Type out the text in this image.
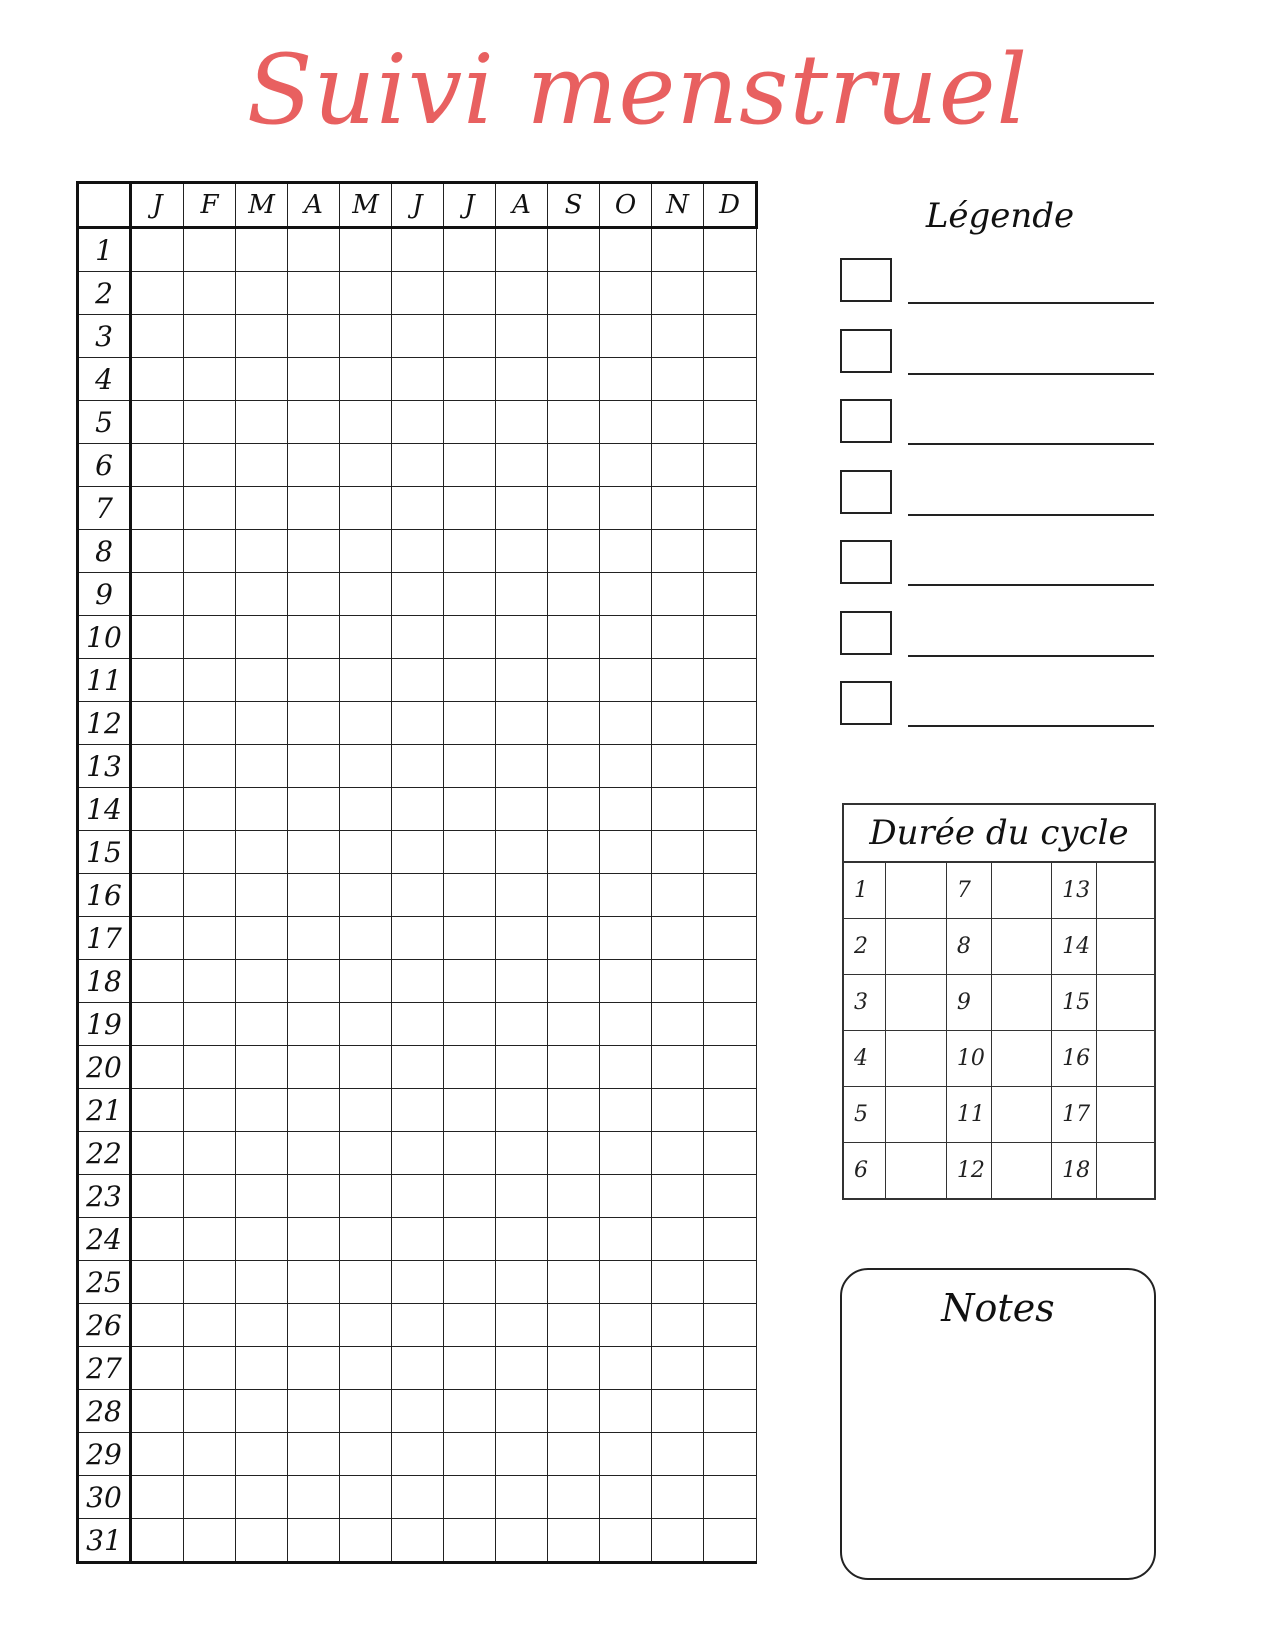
Suivi menstruel
	J	F	M	A	M	J	J	A	S	O	N	D
1												
2												
3												
4												
5												
6												
7												
8												
9												
10												
11												
12												
13												
14												
15												
16												
17												
18												
19												
20												
21												
22												
23												
24												
25												
26												
27												
28												
29												
30												
31												
Légende
Durée du cycle
1		7		13	
2		8		14	
3		9		15	
4		10		16	
5		11		17	
6		12		18	
Notes
